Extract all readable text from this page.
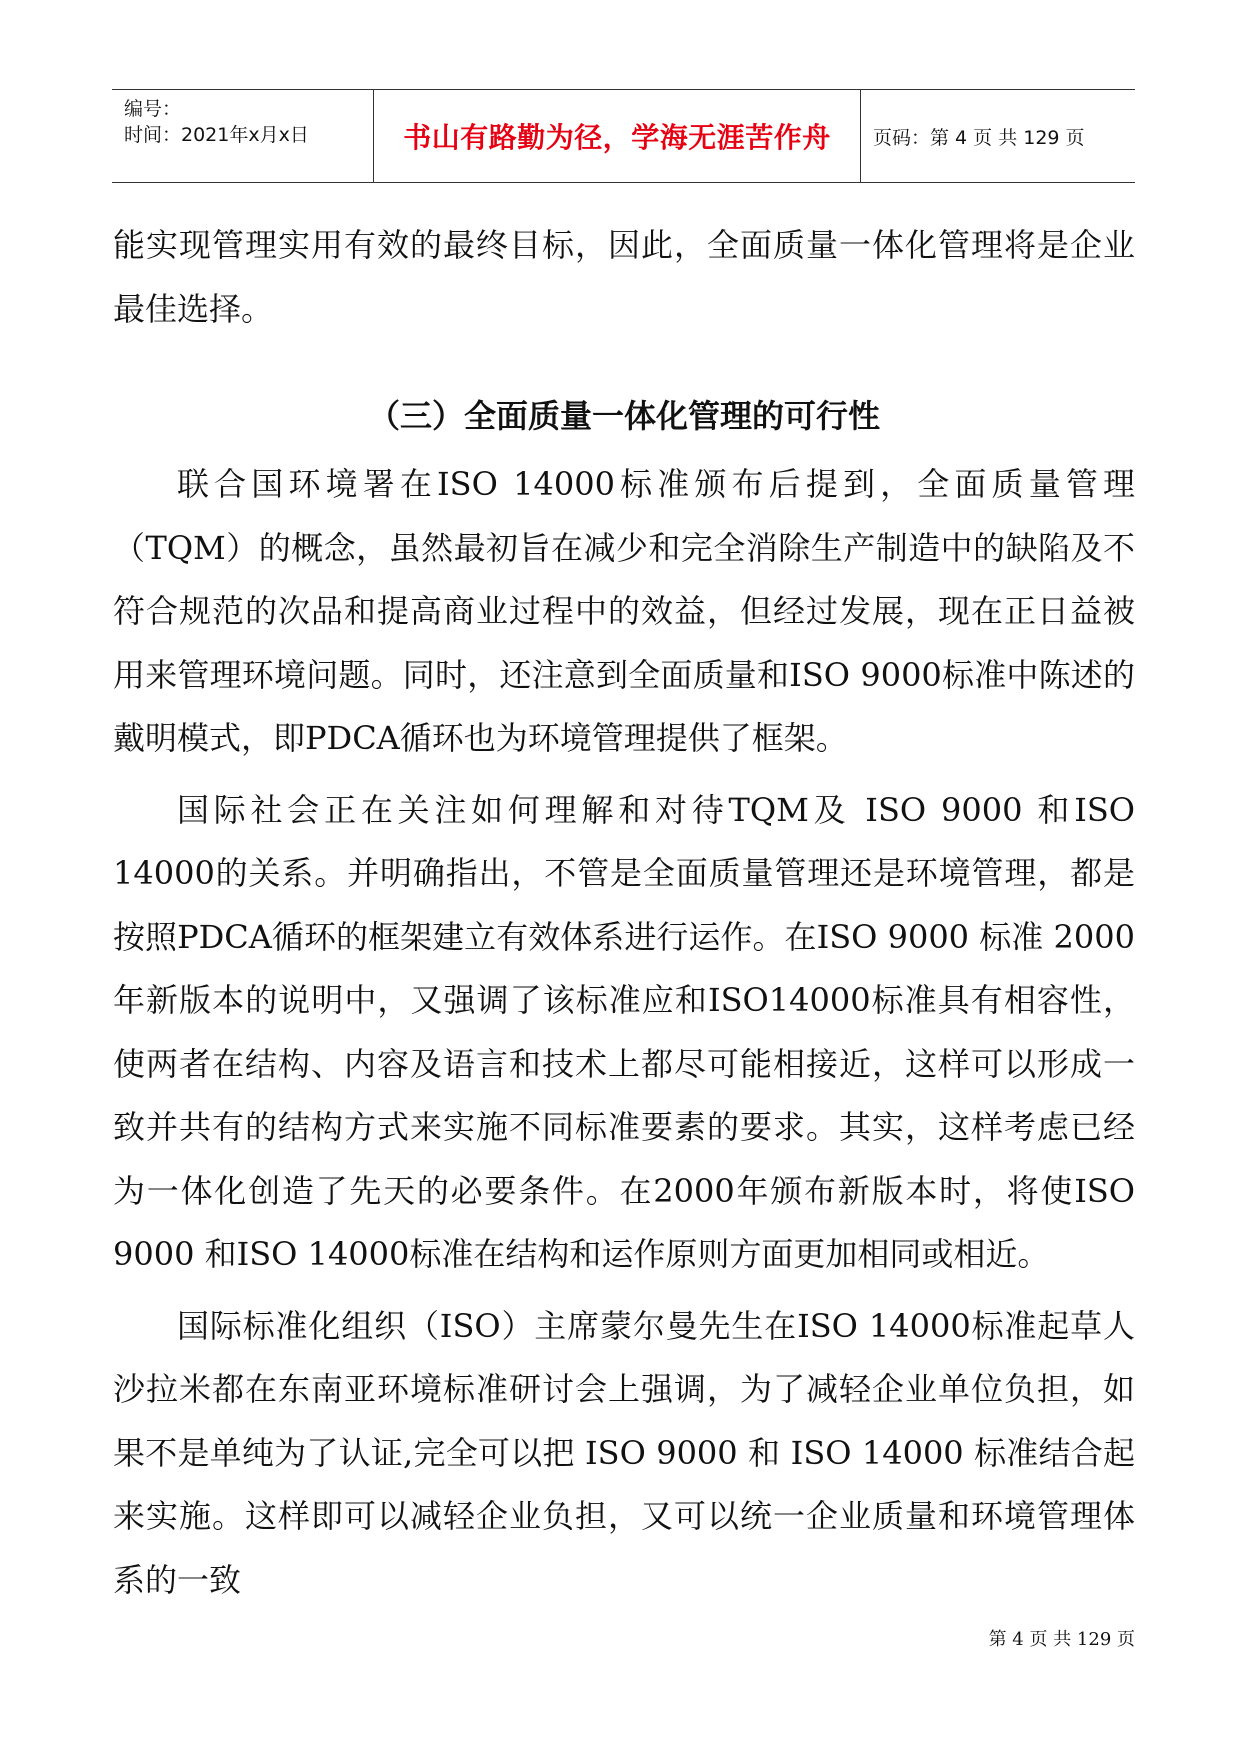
编号：
时间：2021年x月x日	书山有路勤为径，学海无涯苦作舟	页码：第 4 页 共 129 页

能实现管理实用有效的最终目标，因此，全面质量一体化管理将是企业最佳选择。

（三）全面质量一体化管理的可行性

联合国环境署在ISO 14000标准颁布后提到，全面质量管理（TQM）的概念，虽然最初旨在减少和完全消除生产制造中的缺陷及不符合规范的次品和提高商业过程中的效益，但经过发展，现在正日益被用来管理环境问题。同时，还注意到全面质量和ISO 9000标准中陈述的戴明模式，即PDCA循环也为环境管理提供了框架。

国际社会正在关注如何理解和对待TQM及 ISO 9000 和ISO 14000的关系。并明确指出，不管是全面质量管理还是环境管理，都是按照PDCA循环的框架建立有效体系进行运作。在ISO 9000 标准 2000 年新版本的说明中，又强调了该标准应和ISO14000标准具有相容性，使两者在结构、内容及语言和技术上都尽可能相接近，这样可以形成一致并共有的结构方式来实施不同标准要素的要求。其实，这样考虑已经为一体化创造了先天的必要条件。在2000年颁布新版本时，将使ISO 9000 和ISO 14000标准在结构和运作原则方面更加相同或相近。

国际标准化组织（ISO）主席蒙尔曼先生在ISO 14000标准起草人沙拉米都在东南亚环境标准研讨会上强调，为了减轻企业单位负担，如果不是单纯为了认证,完全可以把 ISO 9000 和 ISO 14000 标准结合起来实施。这样即可以减轻企业负担，又可以统一企业质量和环境管理体系的一致

第 4 页 共 129 页
